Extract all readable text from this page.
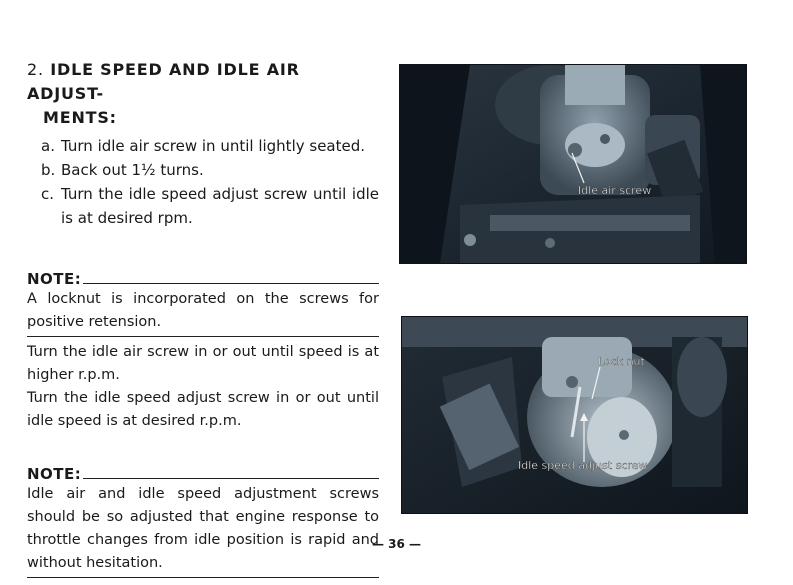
2. IDLE SPEED AND IDLE AIR ADJUST-
MENTS:
a. Turn idle air screw in until lightly seated.
b. Back out 1½ turns.
c. Turn the idle speed adjust screw until idle is at desired rpm.
NOTE:

A locknut is incorporated on the screws for positive retension.

Turn the idle air screw in or out until speed is at higher r.p.m.

Turn the idle speed adjust screw in or out until idle speed is at desired r.p.m.

NOTE:

Idle air and idle speed adjustment screws should be so adjusted that engine response to throttle changes from idle position is rapid and without hesitation.

Idle air screw
Lock nut
Idle speed adjust screw
— 36 —
